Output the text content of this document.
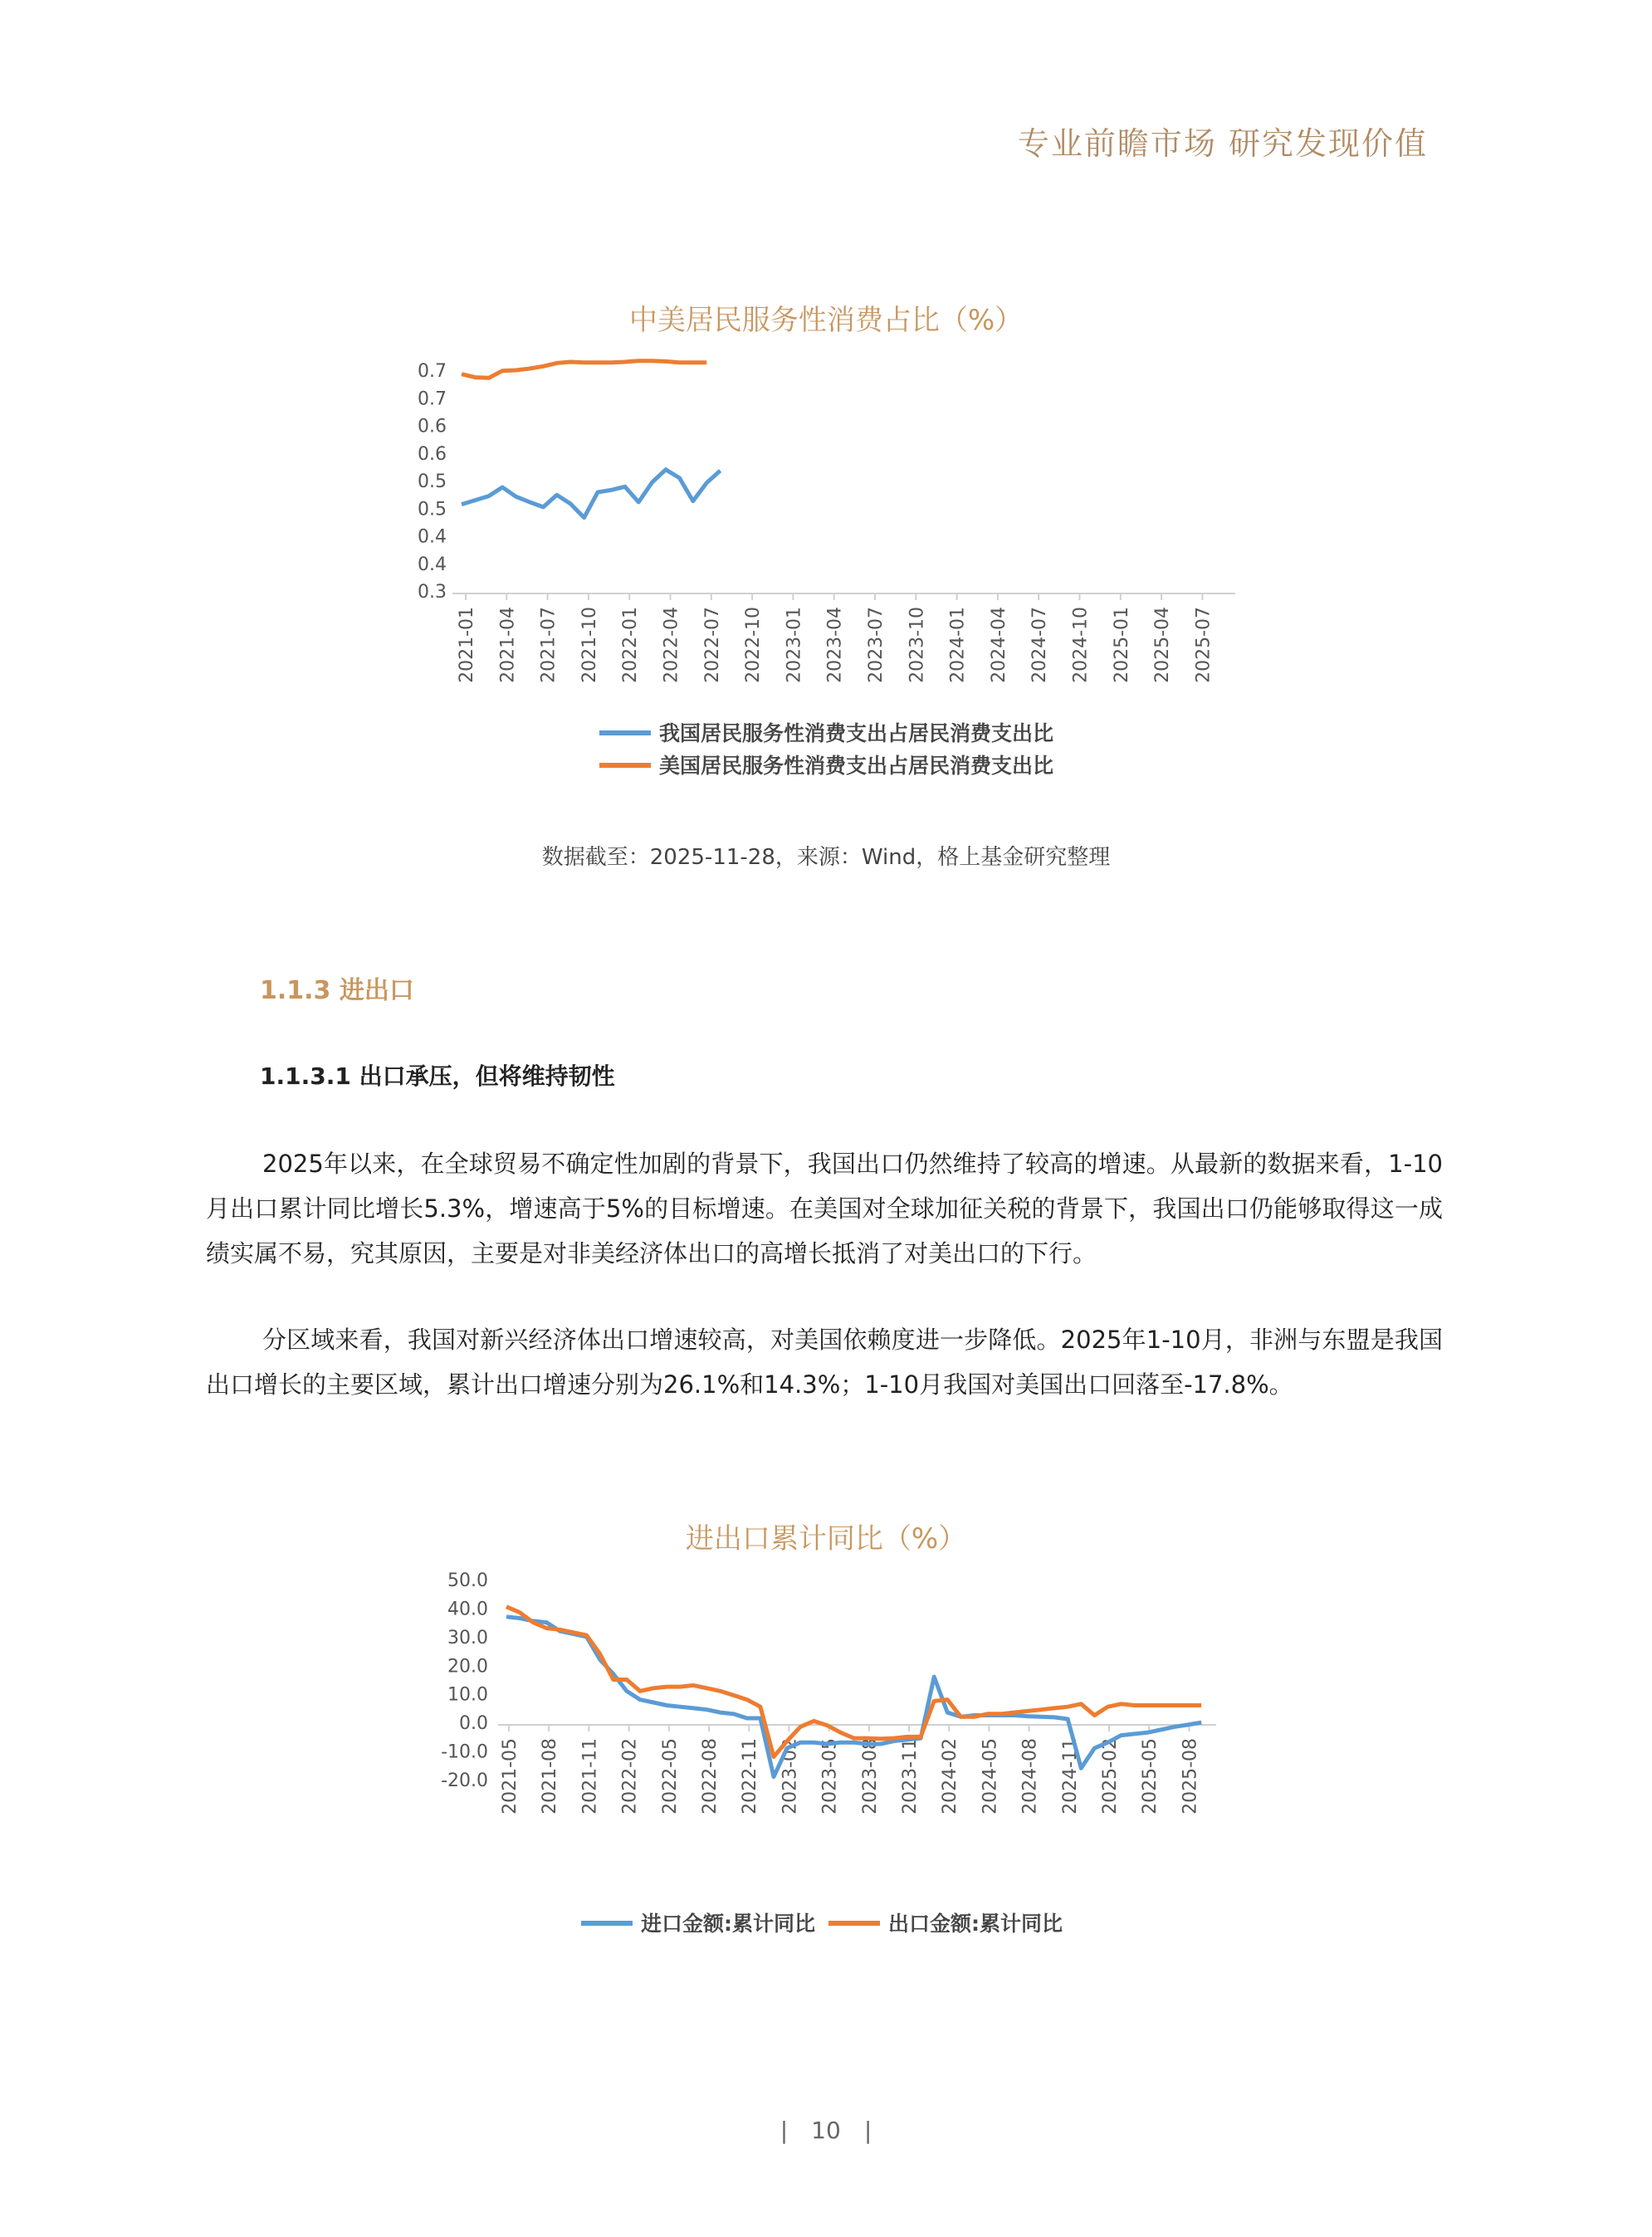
专业前瞻市场 研究发现价值
中美居民服务性消费占比（%）
0.7
0.7
0.6
0.6
0.5
0.5
0.4
0.4
0.3
2021-01 2021-04 2021-07 2021-10 2022-01 2022-04 2022-07 2022-10 2023-01 2023-04 2023-07 2023-10 2024-01 2024-04 2024-07 2024-10 2025-01 2025-04 2025-07
我国居民服务性消费支出占居民消费支出比
美国居民服务性消费支出占居民消费支出比
数据截至：2025-11-28，来源：Wind，格上基金研究整理
1.1.3 进出口
1.1.3.1 出口承压，但将维持韧性
2025年以来，在全球贸易不确定性加剧的背景下，我国出口仍然维持了较高的增速。从最新的数据来看，1-10月出口累计同比增长5.3%，增速高于5%的目标增速。在美国对全球加征关税的背景下，我国出口仍能够取得这一成绩实属不易，究其原因，主要是对非美经济体出口的高增长抵消了对美出口的下行。
分区域来看，我国对新兴经济体出口增速较高，对美国依赖度进一步降低。2025年1-10月，非洲与东盟是我国出口增长的主要区域，累计出口增速分别为26.1%和14.3%；1-10月我国对美国出口回落至-17.8%。
进出口累计同比（%）
50.0
40.0
30.0
20.0
10.0
0.0
-10.0
-20.0 2021-05 2021-08 2021-11 2022-02 2022-05 2022-08 2022-11 2023-02 2023-05 2023-08 2023-11 2024-02 2024-05 2024-08 2024-11 2025-02 2025-05 2025-08
进口金额:累计同比	出口金额:累计同比
| 10 |
